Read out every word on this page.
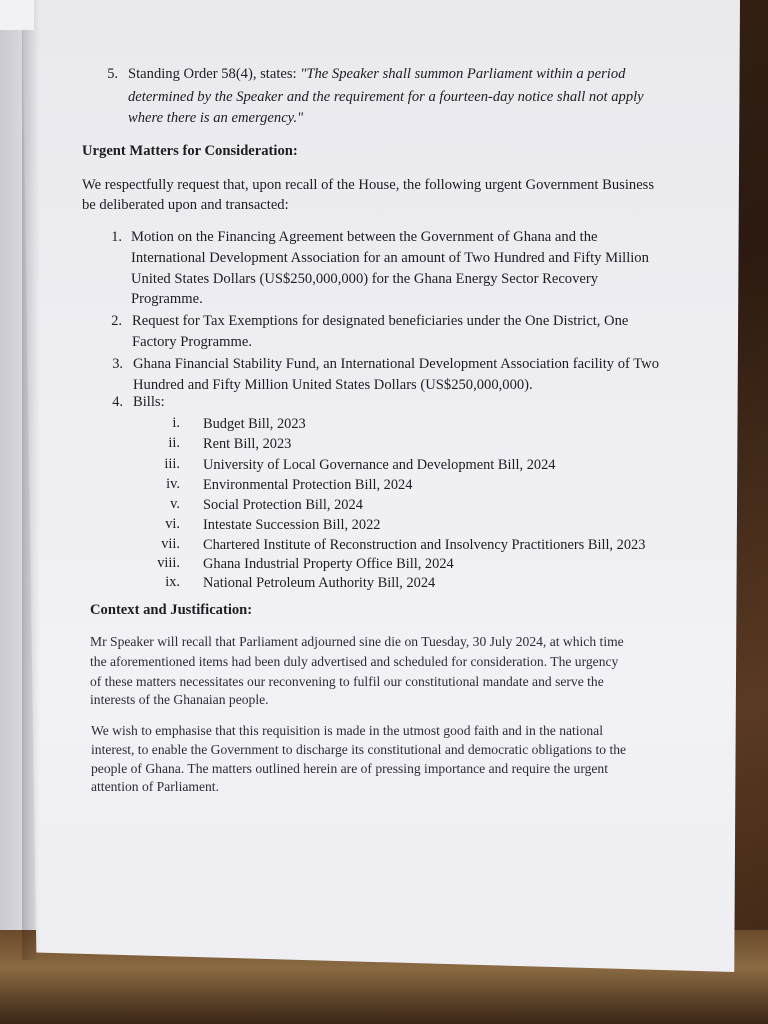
5. Standing Order 58(4), states: "The Speaker shall summon Parliament within a period
determined by the Speaker and the requirement for a fourteen-day notice shall not apply
where there is an emergency."
Urgent Matters for Consideration:
We respectfully request that, upon recall of the House, the following urgent Government Business
be deliberated upon and transacted:
1. Motion on the Financing Agreement between the Government of Ghana and the
International Development Association for an amount of Two Hundred and Fifty Million
United States Dollars (US$250,000,000) for the Ghana Energy Sector Recovery
Programme.
2. Request for Tax Exemptions for designated beneficiaries under the One District, One
Factory Programme.
3. Ghana Financial Stability Fund, an International Development Association facility of Two
Hundred and Fifty Million United States Dollars (US$250,000,000).
4. Bills:
i. Budget Bill, 2023
ii. Rent Bill, 2023
iii. University of Local Governance and Development Bill, 2024
iv. Environmental Protection Bill, 2024
v. Social Protection Bill, 2024
vi. Intestate Succession Bill, 2022
vii. Chartered Institute of Reconstruction and Insolvency Practitioners Bill, 2023
viii. Ghana Industrial Property Office Bill, 2024
ix. National Petroleum Authority Bill, 2024
Context and Justification:
Mr Speaker will recall that Parliament adjourned sine die on Tuesday, 30 July 2024, at which time
the aforementioned items had been duly advertised and scheduled for consideration. The urgency
of these matters necessitates our reconvening to fulfil our constitutional mandate and serve the
interests of the Ghanaian people.
We wish to emphasise that this requisition is made in the utmost good faith and in the national
interest, to enable the Government to discharge its constitutional and democratic obligations to the
people of Ghana. The matters outlined herein are of pressing importance and require the urgent
attention of Parliament.
